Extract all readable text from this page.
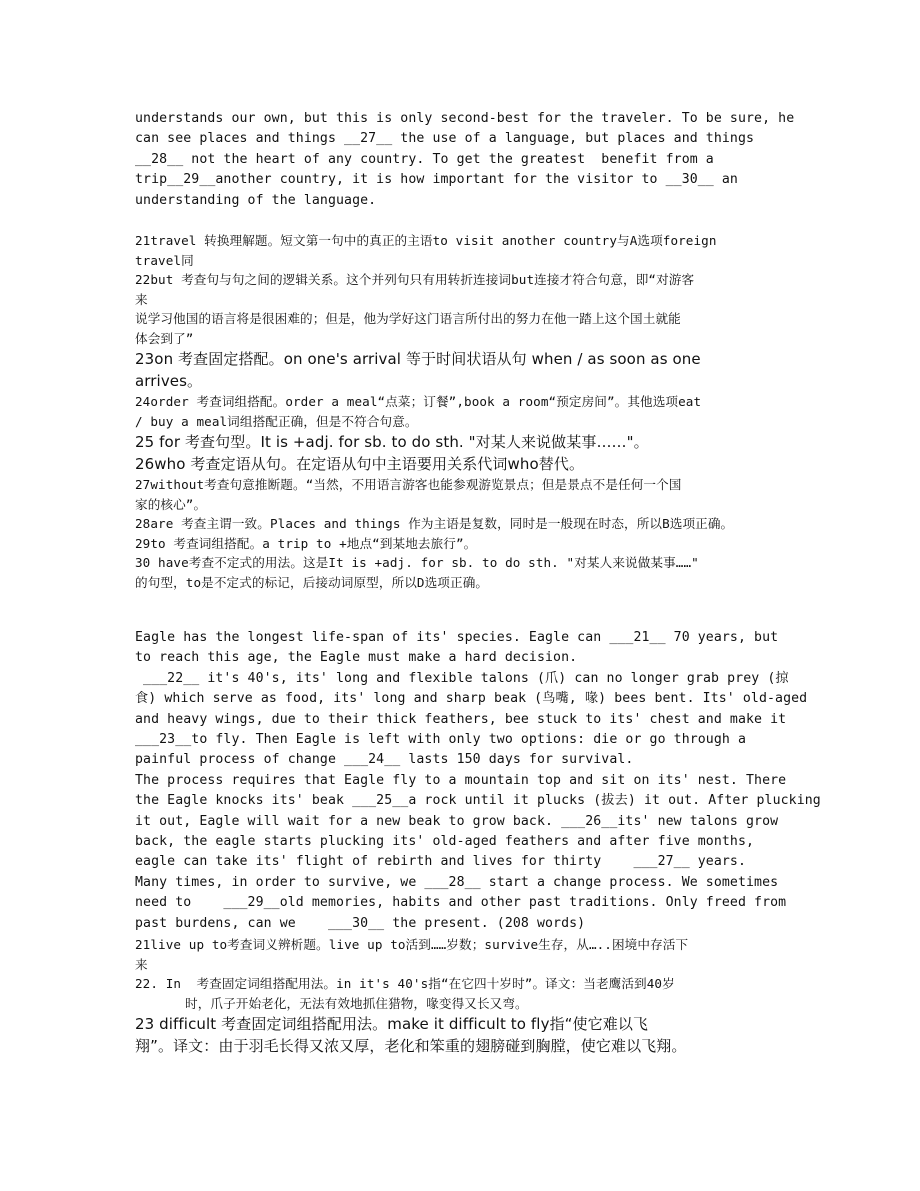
understands our own, but this is only second-best for the traveler. To be sure, he
can see places and things __27__ the use of a language, but places and things
__28__ not the heart of any country. To get the greatest  benefit from a
trip__29__another country, it is how important for the visitor to __30__ an
understanding of the language.
21travel 转换理解题。短文第一句中的真正的主语to visit another country与A选项foreign
travel同
22but 考查句与句之间的逻辑关系。这个并列句只有用转折连接词but连接才符合句意，即“对游客
来
说学习他国的语言将是很困难的；但是，他为学好这门语言所付出的努力在他一踏上这个国土就能
体会到了”
23on 考查固定搭配。on one's arrival 等于时间状语从句 when / as soon as one
arrives。
24order 考查词组搭配。order a meal“点菜；订餐”,book a room“预定房间”。其他选项eat
/ buy a meal词组搭配正确，但是不符合句意。
25 for 考查句型。It is +adj. for sb. to do sth. "对某人来说做某事……"。
26who 考查定语从句。在定语从句中主语要用关系代词who替代。
27without考查句意推断题。“当然，不用语言游客也能参观游览景点；但是景点不是任何一个国
家的核心”。
28are 考查主谓一致。Places and things 作为主语是复数，同时是一般现在时态，所以B选项正确。
29to 考查词组搭配。a trip to +地点“到某地去旅行”。
30 have考查不定式的用法。这是It is +adj. for sb. to do sth. "对某人来说做某事……"
的句型，to是不定式的标记，后接动词原型，所以D选项正确。
Eagle has the longest life-span of its' species. Eagle can ___21__ 70 years, but
to reach this age, the Eagle must make a hard decision.
___22__ it's 40's, its' long and flexible talons (爪) can no longer grab prey (掠
食) which serve as food, its' long and sharp beak (鸟嘴, 喙) bees bent. Its' old-aged
and heavy wings, due to their thick feathers, bee stuck to its' chest and make it
___23__to fly. Then Eagle is left with only two options: die or go through a
painful process of change ___24__ lasts 150 days for survival.
The process requires that Eagle fly to a mountain top and sit on its' nest. There
the Eagle knocks its' beak ___25__a rock until it plucks (拔去) it out. After plucking
it out, Eagle will wait for a new beak to grow back. ___26__its' new talons grow
back, the eagle starts plucking its' old-aged feathers and after five months,
eagle can take its' flight of rebirth and lives for thirty    ___27__ years.
Many times, in order to survive, we ___28__ start a change process. We sometimes
need to    ___29__old memories, habits and other past traditions. Only freed from
past burdens, can we    ___30__ the present. (208 words)
21live up to考查词义辨析题。live up to活到……岁数；survive生存，从…..困境中存活下
来
22. In  考查固定词组搭配用法。in it's 40's指“在它四十岁时”。译文：当老鹰活到40岁
时，爪子开始老化，无法有效地抓住猎物，喙变得又长又弯。
23 difficult 考查固定词组搭配用法。make it difficult to fly指“使它难以飞
翔”。译文：由于羽毛长得又浓又厚，老化和笨重的翅膀碰到胸膛，使它难以飞翔。
